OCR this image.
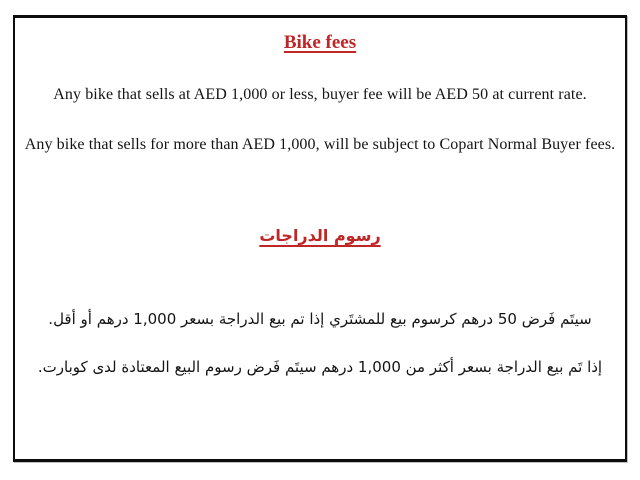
Bike fees

Any bike that sells at AED 1,000 or less, buyer fee will be AED 50 at current rate.

Any bike that sells for more than AED 1,000, will be subject to Copart Normal Buyer fees.

رسوم الدراجات

سيتَم فَرض 50 درهم كرسوم بيع للمشتَري إذا تم بيع الدراجة بسعر 1,000 درهم أو أقل.

إذا تَم بيع الدراجة بسعر أكثر من 1,000 درهم سيتَم فَرض رسوم البيع المعتادة لدى كوبارت.
